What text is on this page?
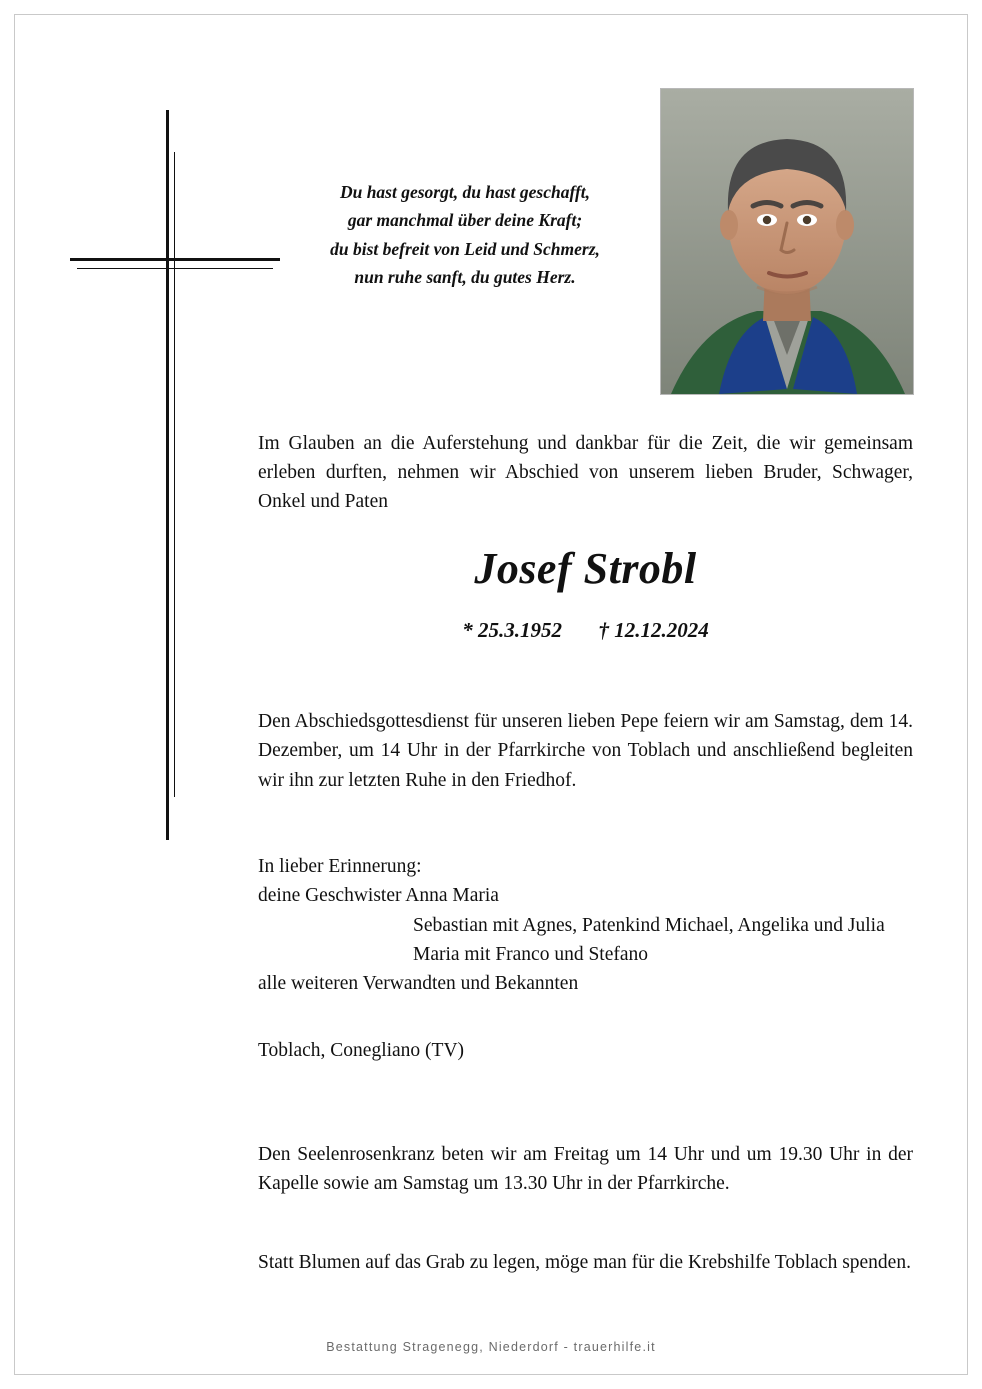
Du hast gesorgt, du hast geschafft,
gar manchmal über deine Kraft;
du bist befreit von Leid und Schmerz,
nun ruhe sanft, du gutes Herz.
Im Glauben an die Auferstehung und dankbar für die Zeit, die wir gemeinsam erleben durften, nehmen wir Abschied von unserem lieben Bruder, Schwager, Onkel und Paten
Josef Strobl
* 25.3.1952 † 12.12.2024
Den Abschiedsgottesdienst für unseren lieben Pepe feiern wir am Samstag, dem 14. Dezember, um 14 Uhr in der Pfarrkirche von Toblach und anschließend begleiten wir ihn zur letzten Ruhe in den Friedhof.
In lieber Erinnerung:
deine Geschwister Anna Maria
Sebastian mit Agnes, Patenkind Michael, Angelika und Julia
Maria mit Franco und Stefano
alle weiteren Verwandten und Bekannten
Toblach, Conegliano (TV)
Den Seelenrosenkranz beten wir am Freitag um 14 Uhr und um 19.30 Uhr in der Kapelle sowie am Samstag um 13.30 Uhr in der Pfarrkirche.
Statt Blumen auf das Grab zu legen, möge man für die Krebshilfe Toblach spenden.
Bestattung Stragenegg, Niederdorf - trauerhilfe.it
